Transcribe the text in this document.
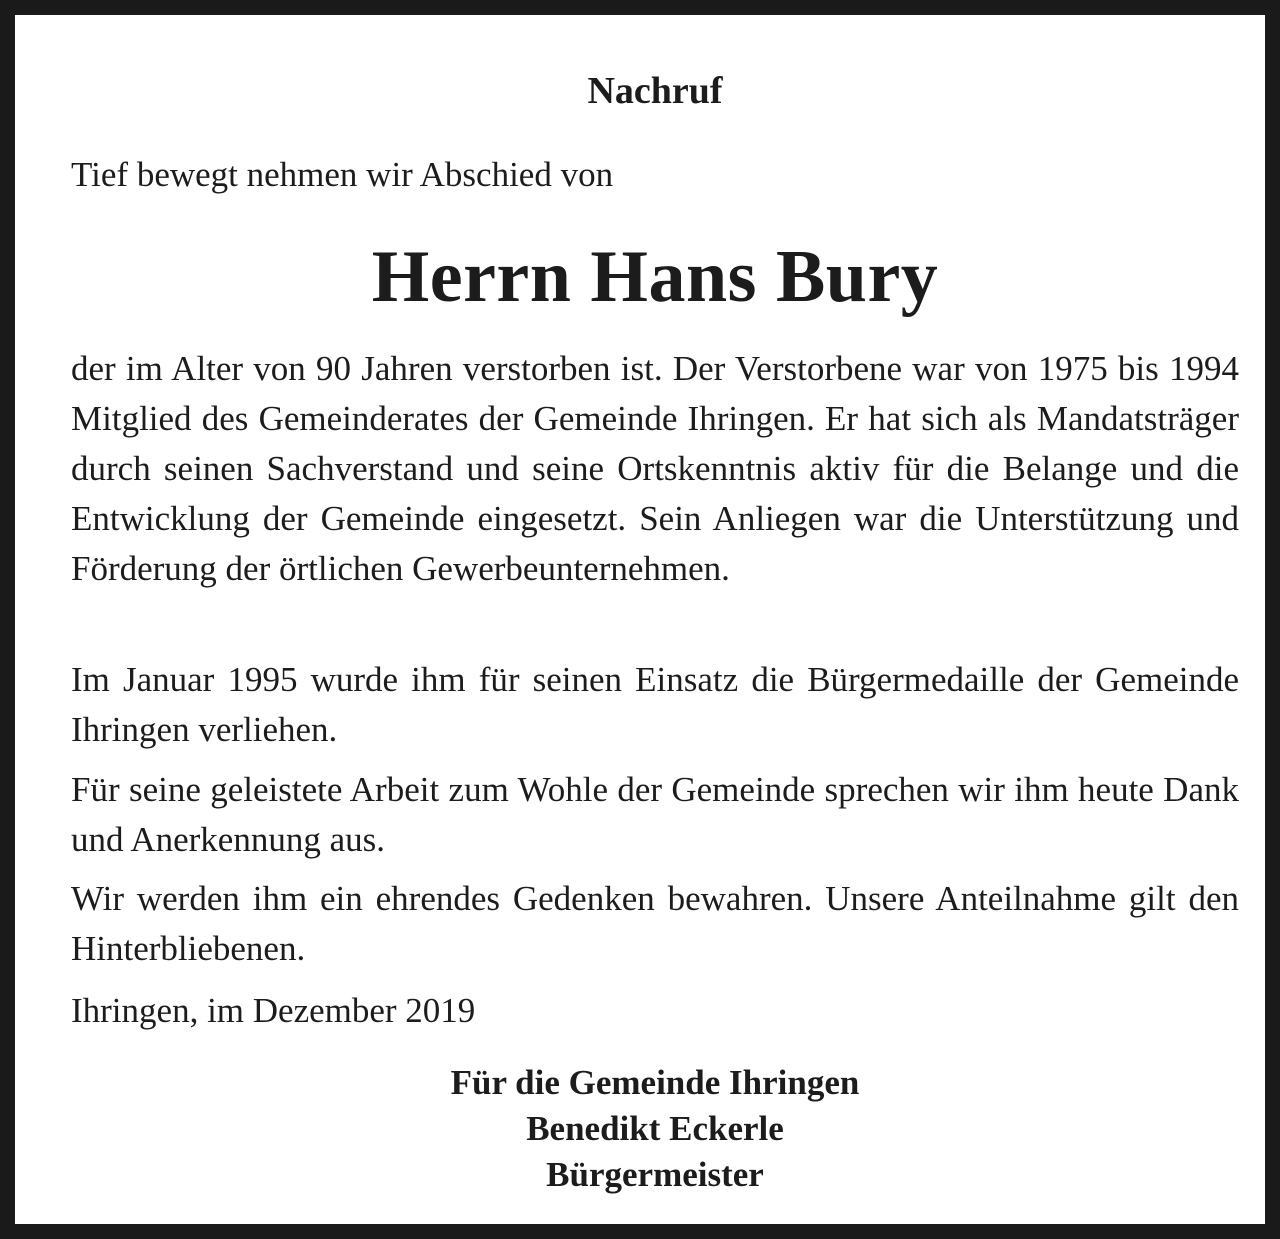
Nachruf

Tief bewegt nehmen wir Abschied von

Herrn Hans Bury

der im Alter von 90 Jahren verstorben ist. Der Verstorbene war von 1975 bis 1994 Mitglied des Gemeinderates der Gemeinde Ihringen. Er hat sich als Mandatsträger durch seinen Sachverstand und seine Ortskenntnis aktiv für die Belange und die Entwicklung der Gemeinde eingesetzt. Sein Anliegen war die Unterstützung und Förderung der örtlichen Gewerbeunternehmen.

Im Januar 1995 wurde ihm für seinen Einsatz die Bürgermedaille der Gemeinde Ihringen verliehen.

Für seine geleistete Arbeit zum Wohle der Gemeinde sprechen wir ihm heute Dank und Anerkennung aus.

Wir werden ihm ein ehrendes Gedenken bewahren. Unsere Anteilnahme gilt den Hinterbliebenen.

Ihringen, im Dezember 2019

Für die Gemeinde Ihringen
Benedikt Eckerle
Bürgermeister
